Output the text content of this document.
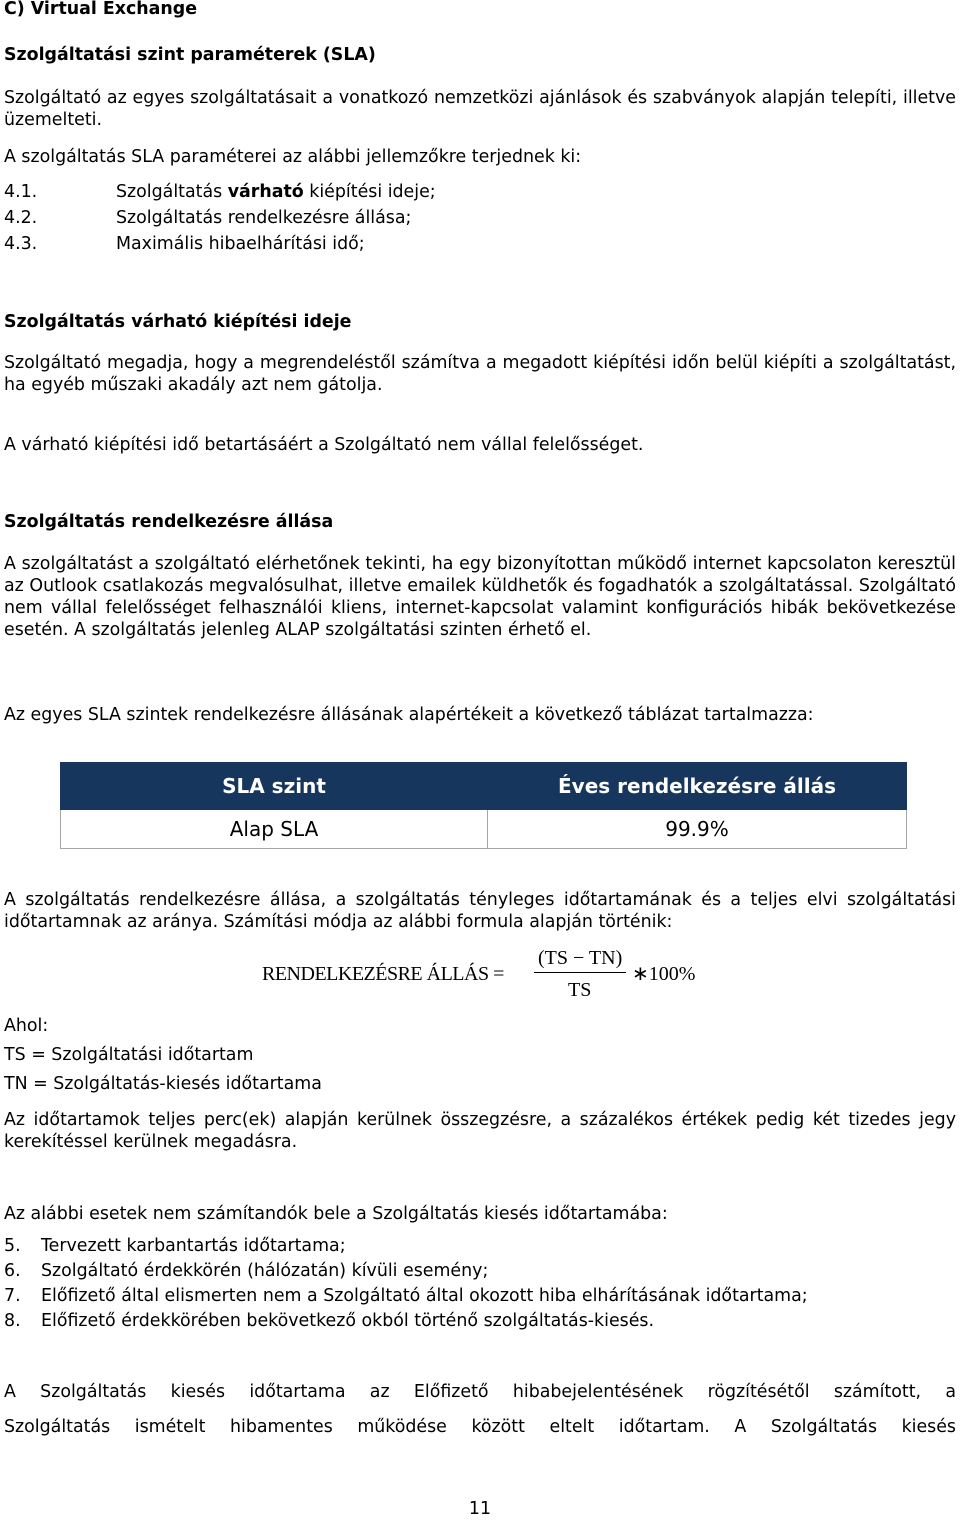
C) Virtual Exchange
Szolgáltatási szint paraméterek (SLA)
Szolgáltató az egyes szolgáltatásait a vonatkozó nemzetközi ajánlások és szabványok alapján telepíti, illetve üzemelteti.
A szolgáltatás SLA paraméterei az alábbi jellemzőkre terjednek ki:
4.1.	Szolgáltatás várható kiépítési ideje;
4.2.	Szolgáltatás rendelkezésre állása;
4.3.	Maximális hibaelhárítási idő;
Szolgáltatás várható kiépítési ideje
Szolgáltató megadja, hogy a megrendeléstől számítva a megadott kiépítési időn belül kiépíti a szolgáltatást, ha egyéb műszaki akadály azt nem gátolja.
A várható kiépítési idő betartásáért a Szolgáltató nem vállal felelősséget.
Szolgáltatás rendelkezésre állása
A szolgáltatást a szolgáltató elérhetőnek tekinti, ha egy bizonyítottan működő internet kapcsolaton keresztül az Outlook csatlakozás megvalósulhat, illetve emailek küldhetők és fogadhatók a szolgáltatással. Szolgáltató nem vállal felelősséget felhasználói kliens, internet-kapcsolat valamint konfigurációs hibák bekövetkezése esetén. A szolgáltatás jelenleg ALAP szolgáltatási szinten érhető el.
Az egyes SLA szintek rendelkezésre állásának alapértékeit a következő táblázat tartalmazza:
SLA szint	Éves rendelkezésre állás
Alap SLA	99.9%
A szolgáltatás rendelkezésre állása, a szolgáltatás tényleges időtartamának és a teljes elvi szolgáltatási időtartamnak az aránya. Számítási módja az alábbi formula alapján történik:
RENDELKEZÉSRE ÁLLÁS =
(TS − TN)
TS
∗100%
Ahol:
TS = Szolgáltatási időtartam
TN = Szolgáltatás-kiesés időtartama
Az időtartamok teljes perc(ek) alapján kerülnek összegzésre, a százalékos értékek pedig két tizedes jegy kerekítéssel kerülnek megadásra.
Az alábbi esetek nem számítandók bele a Szolgáltatás kiesés időtartamába:
5. Tervezett karbantartás időtartama;
6. Szolgáltató érdekkörén (hálózatán) kívüli esemény;
7. Előfizető által elismerten nem a Szolgáltató által okozott hiba elhárításának időtartama;
8. Előfizető érdekkörében bekövetkező okból történő szolgáltatás-kiesés.
A Szolgáltatás kiesés időtartama az Előfizető hibabejelentésének rögzítésétől számított, a
Szolgáltatás ismételt hibamentes működése között eltelt időtartam. A Szolgáltatás kiesés
11
